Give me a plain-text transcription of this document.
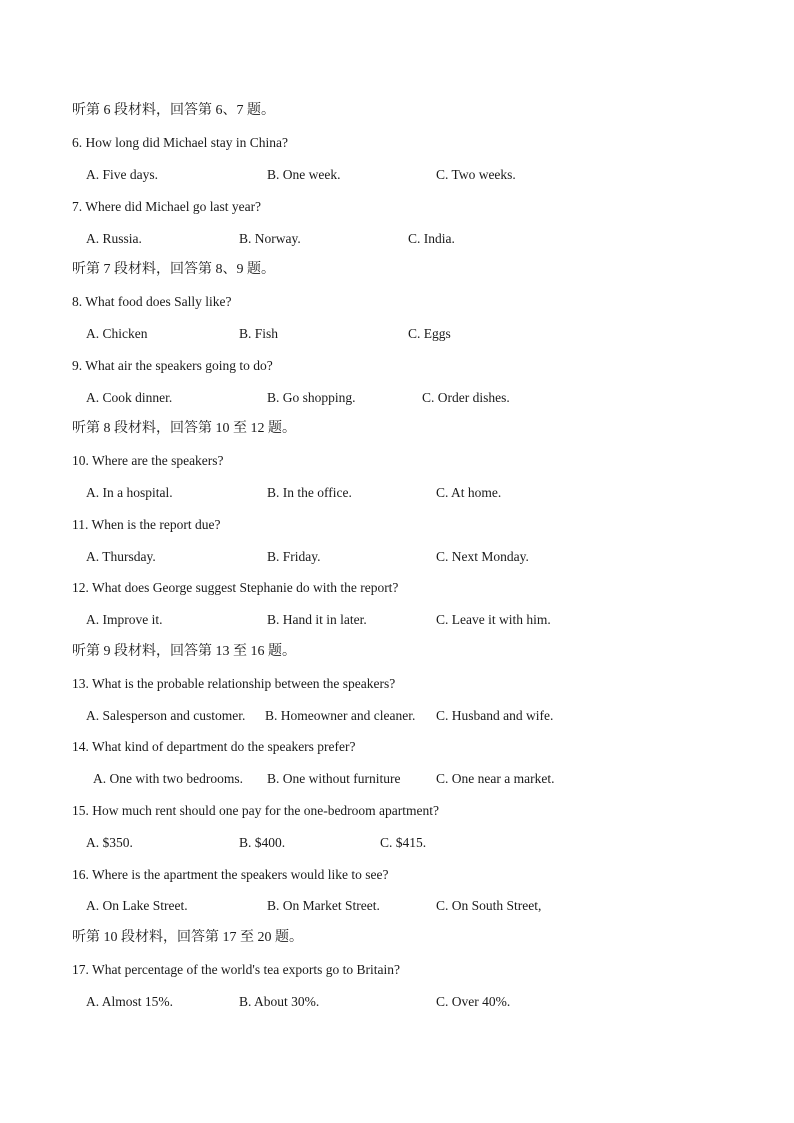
听第 6 段材料，回答第 6、7 题。
6. How long did Michael stay in China?
A. Five days.	B. One week.	C. Two weeks.
7. Where did Michael go last year?
A. Russia.	B. Norway.	C. India.
听第 7 段材料，回答第 8、9 题。
8. What food does Sally like?
A. Chicken	B. Fish	C. Eggs
9. What air the speakers going to do?
A. Cook dinner.	B. Go shopping.	C. Order dishes.
听第 8 段材料，回答第 10 至 12 题。
10. Where are the speakers?
A. In a hospital.	B. In the office.	C. At home.
11. When is the report due?
A. Thursday.	B. Friday.	C. Next Monday.
12. What does George suggest Stephanie do with the report?
A. Improve it.	B. Hand it in later.	C. Leave it with him.
听第 9 段材料，回答第 13 至 16 题。
13. What is the probable relationship between the speakers?
A. Salesperson and customer. B. Homeowner and cleaner. C. Husband and wife.
14. What kind of department do the speakers prefer?
A. One with two bedrooms. B. One without furniture	C. One near a market.
15. How much rent should one pay for the one-bedroom apartment?
A. $350.	B. $400.	C. $415.
16. Where is the apartment the speakers would like to see?
A. On Lake Street.	B. On Market Street.	C. On South Street,
听第 10 段材料，回答第 17 至 20 题。
17. What percentage of the world's tea exports go to Britain?
A. Almost 15%.	B. About 30%.	C. Over 40%.
